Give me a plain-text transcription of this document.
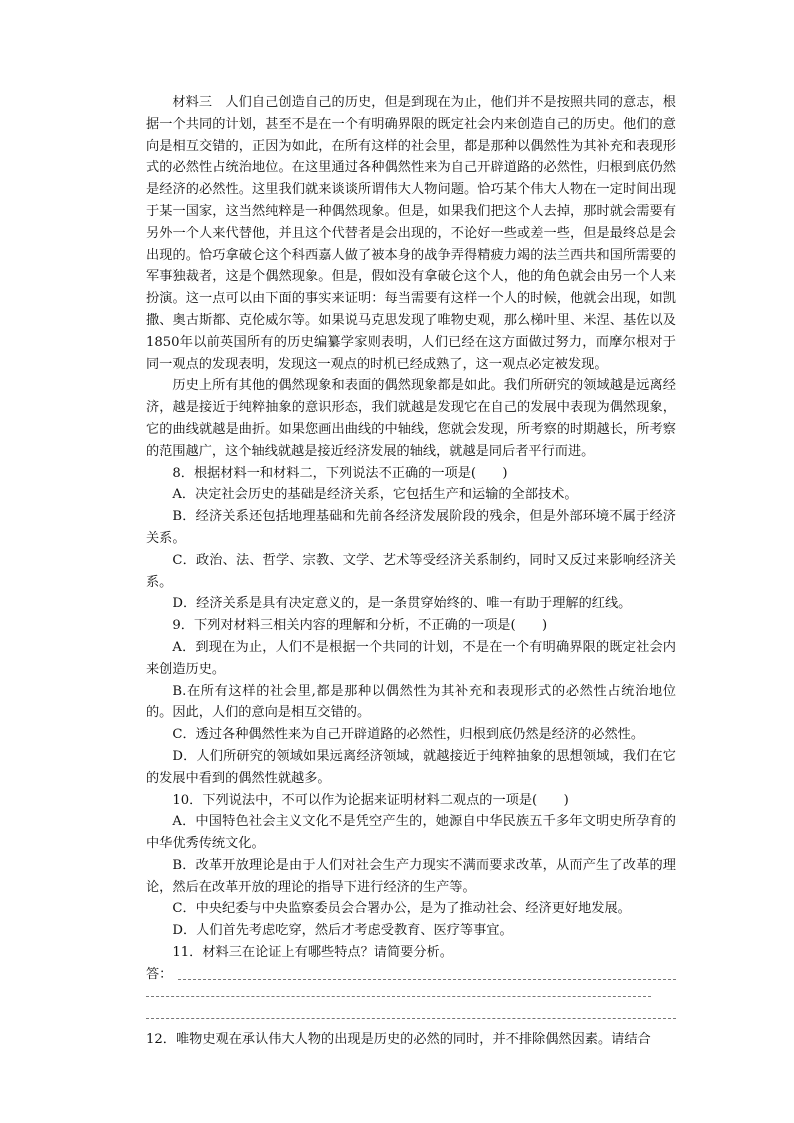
材料三　人们自己创造自己的历史，但是到现在为止，他们并不是按照共同的意志，根据一个共同的计划，甚至不是在一个有明确界限的既定社会内来创造自己的历史。他们的意向是相互交错的，正因为如此，在所有这样的社会里，都是那种以偶然性为其补充和表现形式的必然性占统治地位。在这里通过各种偶然性来为自己开辟道路的必然性，归根到底仍然是经济的必然性。这里我们就来谈谈所谓伟大人物问题。恰巧某个伟大人物在一定时间出现于某一国家，这当然纯粹是一种偶然现象。但是，如果我们把这个人去掉，那时就会需要有另外一个人来代替他，并且这个代替者是会出现的，不论好一些或差一些，但是最终总是会出现的。恰巧拿破仑这个科西嘉人做了被本身的战争弄得精疲力竭的法兰西共和国所需要的军事独裁者，这是个偶然现象。但是，假如没有拿破仑这个人，他的角色就会由另一个人来扮演。这一点可以由下面的事实来证明：每当需要有这样一个人的时候，他就会出现，如凯撒、奥古斯都、克伦威尔等。如果说马克思发现了唯物史观，那么梯叶里、米涅、基佐以及1850年以前英国所有的历史编纂学家则表明，人们已经在这方面做过努力，而摩尔根对于同一观点的发现表明，发现这一观点的时机已经成熟了，这一观点必定被发现。

历史上所有其他的偶然现象和表面的偶然现象都是如此。我们所研究的领域越是远离经济，越是接近于纯粹抽象的意识形态，我们就越是发现它在自己的发展中表现为偶然现象，它的曲线就越是曲折。如果您画出曲线的中轴线，您就会发现，所考察的时期越长，所考察的范围越广，这个轴线就越是接近经济发展的轴线，就越是同后者平行而进。

8．根据材料一和材料二，下列说法不正确的一项是(　　)

A．决定社会历史的基础是经济关系，它包括生产和运输的全部技术。

B．经济关系还包括地理基础和先前各经济发展阶段的残余，但是外部环境不属于经济关系。

C．政治、法、哲学、宗教、文学、艺术等受经济关系制约，同时又反过来影响经济关系。

D．经济关系是具有决定意义的，是一条贯穿始终的、唯一有助于理解的红线。

9．下列对材料三相关内容的理解和分析，不正确的一项是(　　)

A．到现在为止，人们不是根据一个共同的计划，不是在一个有明确界限的既定社会内来创造历史。

B.在所有这样的社会里,都是那种以偶然性为其补充和表现形式的必然性占统治地位的。因此，人们的意向是相互交错的。

C．透过各种偶然性来为自己开辟道路的必然性，归根到底仍然是经济的必然性。

D．人们所研究的领域如果远离经济领域，就越接近于纯粹抽象的思想领域，我们在它的发展中看到的偶然性就越多。

10．下列说法中，不可以作为论据来证明材料二观点的一项是(　　)

A．中国特色社会主义文化不是凭空产生的，她源自中华民族五千多年文明史所孕育的中华优秀传统文化。

B．改革开放理论是由于人们对社会生产力现实不满而要求改革，从而产生了改革的理论，然后在改革开放的理论的指导下进行经济的生产等。

C．中央纪委与中央监察委员会合署办公，是为了推动社会、经济更好地发展。

D．人们首先考虑吃穿，然后才考虑受教育、医疗等事宜。

11．材料三在论证上有哪些特点？请简要分析。

答：

12．唯物史观在承认伟大人物的出现是历史的必然的同时，并不排除偶然因素。请结合
